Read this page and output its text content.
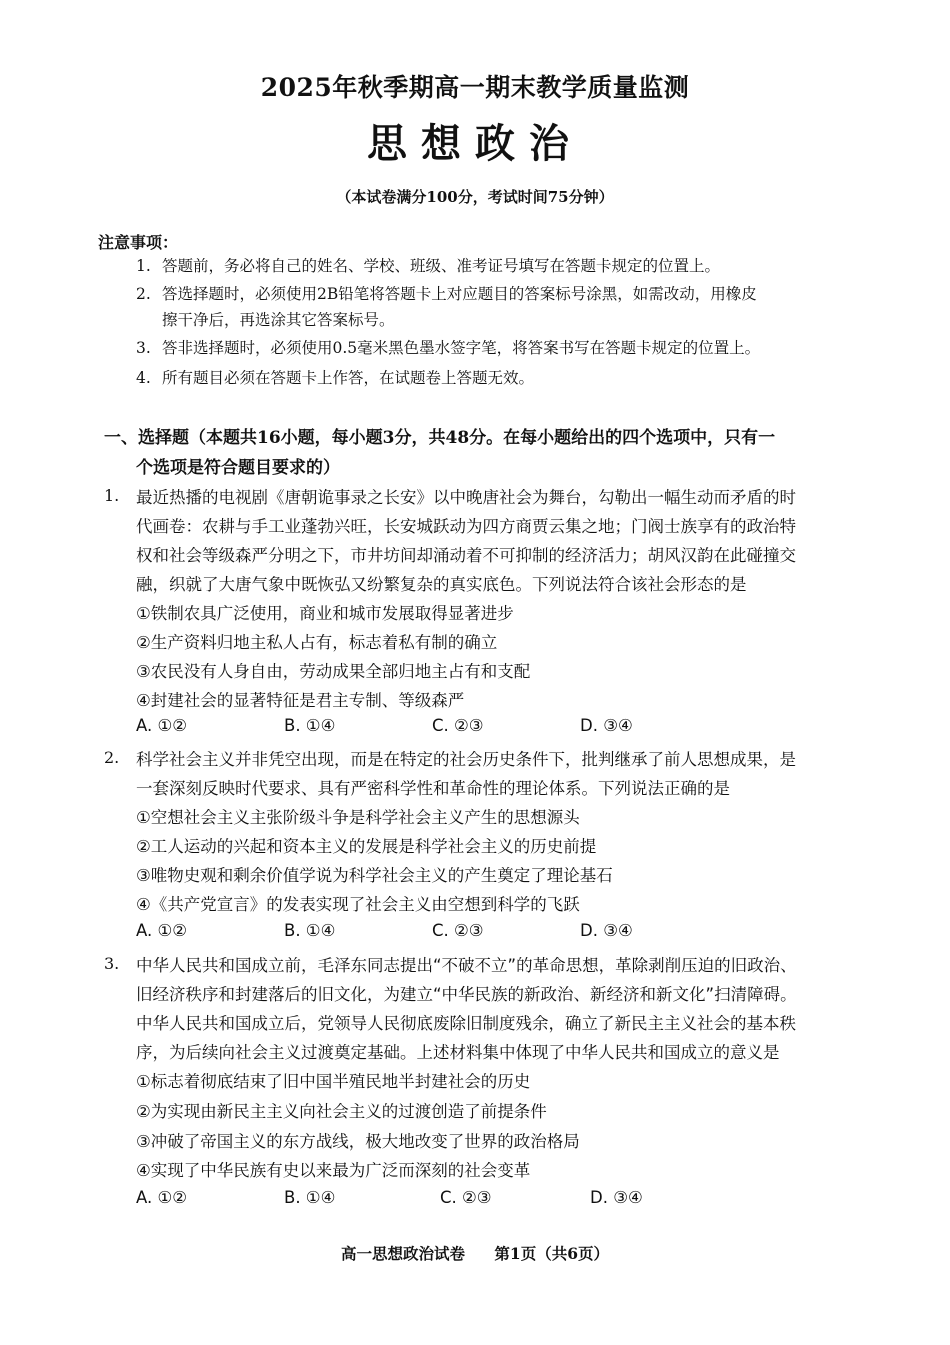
2025年秋季期高一期末教学质量监测
思想政治
（本试卷满分100分，考试时间75分钟）
注意事项：
1. 答题前，务必将自己的姓名、学校、班级、准考证号填写在答题卡规定的位置上。
2. 答选择题时，必须使用2B铅笔将答题卡上对应题目的答案标号涂黑，如需改动，用橡皮
擦干净后，再选涂其它答案标号。
3. 答非选择题时，必须使用0.5毫米黑色墨水签字笔，将答案书写在答题卡规定的位置上。
4. 所有题目必须在答题卡上作答，在试题卷上答题无效。
一、选择题（本题共16小题，每小题3分，共48分。在每小题给出的四个选项中，只有一
个选项是符合题目要求的）
1. 最近热播的电视剧《唐朝诡事录之长安》以中晚唐社会为舞台，勾勒出一幅生动而矛盾的时
代画卷：农耕与手工业蓬勃兴旺，长安城跃动为四方商贾云集之地；门阀士族享有的政治特
权和社会等级森严分明之下，市井坊间却涌动着不可抑制的经济活力；胡风汉韵在此碰撞交
融，织就了大唐气象中既恢弘又纷繁复杂的真实底色。下列说法符合该社会形态的是
①铁制农具广泛使用，商业和城市发展取得显著进步
②生产资料归地主私人占有，标志着私有制的确立
③农民没有人身自由，劳动成果全部归地主占有和支配
④封建社会的显著特征是君主专制、等级森严
A. ①②	B. ①④	C. ②③	D. ③④
2. 科学社会主义并非凭空出现，而是在特定的社会历史条件下，批判继承了前人思想成果，是
一套深刻反映时代要求、具有严密科学性和革命性的理论体系。下列说法正确的是
①空想社会主义主张阶级斗争是科学社会主义产生的思想源头
②工人运动的兴起和资本主义的发展是科学社会主义的历史前提
③唯物史观和剩余价值学说为科学社会主义的产生奠定了理论基石
④《共产党宣言》的发表实现了社会主义由空想到科学的飞跃
A. ①②	B. ①④	C. ②③	D. ③④
3. 中华人民共和国成立前，毛泽东同志提出“不破不立”的革命思想，革除剥削压迫的旧政治、
旧经济秩序和封建落后的旧文化，为建立“中华民族的新政治、新经济和新文化”扫清障碍。
中华人民共和国成立后，党领导人民彻底废除旧制度残余，确立了新民主主义社会的基本秩
序，为后续向社会主义过渡奠定基础。上述材料集中体现了中华人民共和国成立的意义是
①标志着彻底结束了旧中国半殖民地半封建社会的历史
②为实现由新民主主义向社会主义的过渡创造了前提条件
③冲破了帝国主义的东方战线，极大地改变了世界的政治格局
④实现了中华民族有史以来最为广泛而深刻的社会变革
A. ①②	B. ①④	C. ②③	D. ③④
高一思想政治试卷 第1页（共6页）
